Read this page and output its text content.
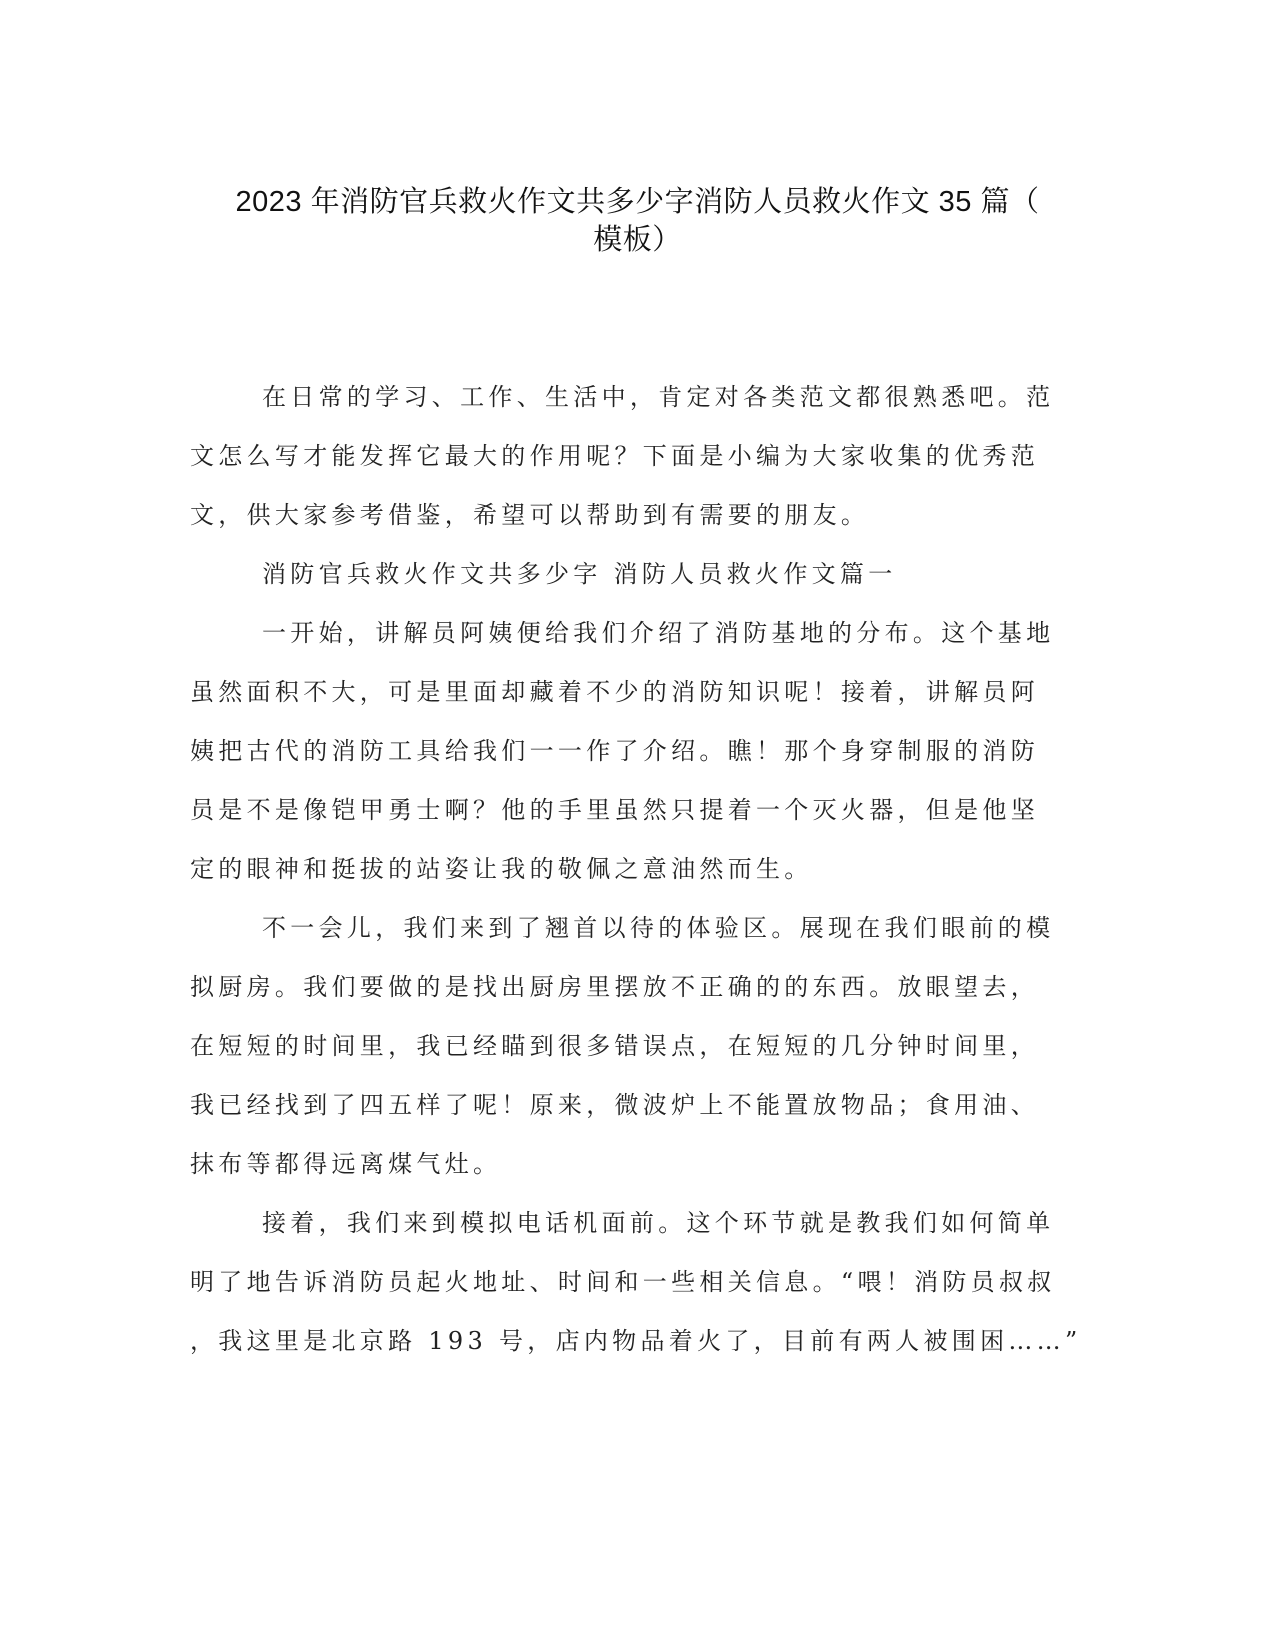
2023 年消防官兵救火作文共多少字消防人员救火作文 35 篇（
模板）
在日常的学习、工作、生活中，肯定对各类范文都很熟悉吧。范
文怎么写才能发挥它最大的作用呢？下面是小编为大家收集的优秀范
文，供大家参考借鉴，希望可以帮助到有需要的朋友。
消防官兵救火作文共多少字 消防人员救火作文篇一
一开始，讲解员阿姨便给我们介绍了消防基地的分布。这个基地
虽然面积不大，可是里面却藏着不少的消防知识呢！接着，讲解员阿
姨把古代的消防工具给我们一一作了介绍。瞧！那个身穿制服的消防
员是不是像铠甲勇士啊？他的手里虽然只提着一个灭火器，但是他坚
定的眼神和挺拔的站姿让我的敬佩之意油然而生。
不一会儿，我们来到了翘首以待的体验区。展现在我们眼前的模
拟厨房。我们要做的是找出厨房里摆放不正确的的东西。放眼望去，
在短短的时间里，我已经瞄到很多错误点，在短短的几分钟时间里，
我已经找到了四五样了呢！原来，微波炉上不能置放物品；食用油、
抹布等都得远离煤气灶。
接着，我们来到模拟电话机面前。这个环节就是教我们如何简单
明了地告诉消防员起火地址、时间和一些相关信息。“喂！消防员叔叔
，我这里是北京路 193 号，店内物品着火了，目前有两人被围困……”
